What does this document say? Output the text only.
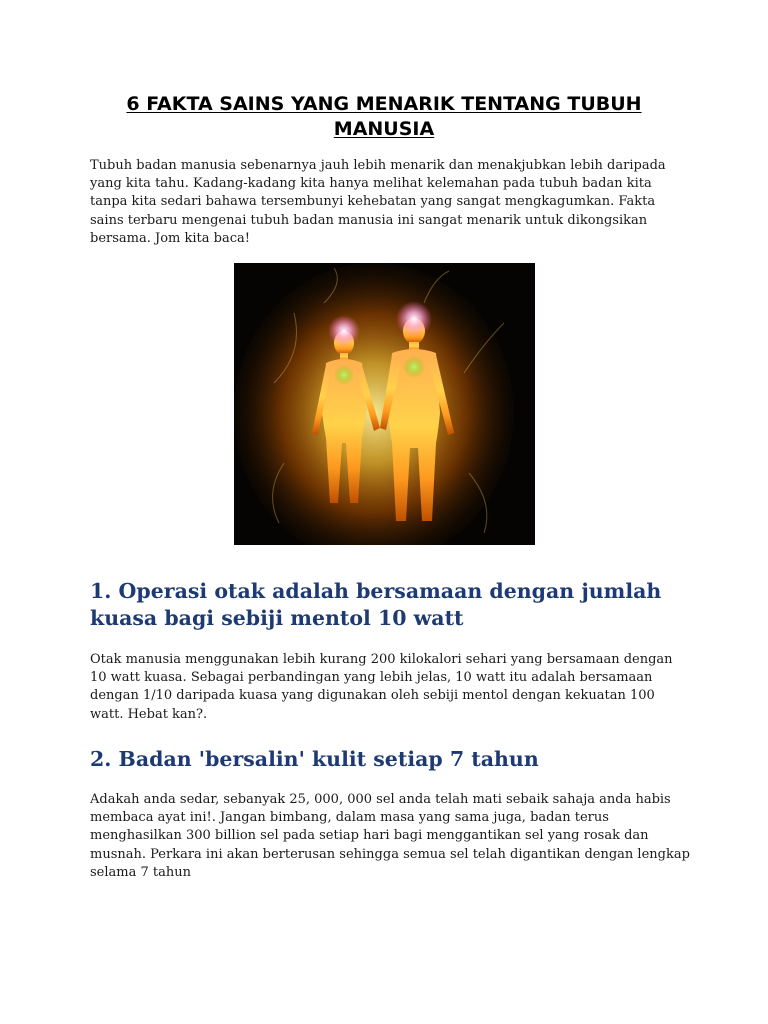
6 FAKTA SAINS YANG MENARIK TENTANG TUBUH MANUSIA

Tubuh badan manusia sebenarnya jauh lebih menarik dan menakjubkan lebih daripada yang kita tahu. Kadang-kadang kita hanya melihat kelemahan pada tubuh badan kita tanpa kita sedari bahawa tersembunyi kehebatan yang sangat mengkagumkan. Fakta sains terbaru mengenai tubuh badan manusia ini sangat menarik untuk dikongsikan bersama. Jom kita baca!

1. Operasi otak adalah bersamaan dengan jumlah kuasa bagi sebiji mentol 10 watt

Otak manusia menggunakan lebih kurang 200 kilokalori sehari yang bersamaan dengan 10 watt kuasa. Sebagai perbandingan yang lebih jelas, 10 watt itu adalah bersamaan dengan 1/10 daripada kuasa yang digunakan oleh sebiji mentol dengan kekuatan 100 watt. Hebat kan?.

2. Badan 'bersalin' kulit setiap 7 tahun

Adakah anda sedar, sebanyak 25, 000, 000 sel anda telah mati sebaik sahaja anda habis membaca ayat ini!. Jangan bimbang, dalam masa yang sama juga, badan terus menghasilkan 300 billion sel pada setiap hari bagi menggantikan sel yang rosak dan musnah. Perkara ini akan berterusan sehingga semua sel telah digantikan dengan lengkap selama 7 tahun
